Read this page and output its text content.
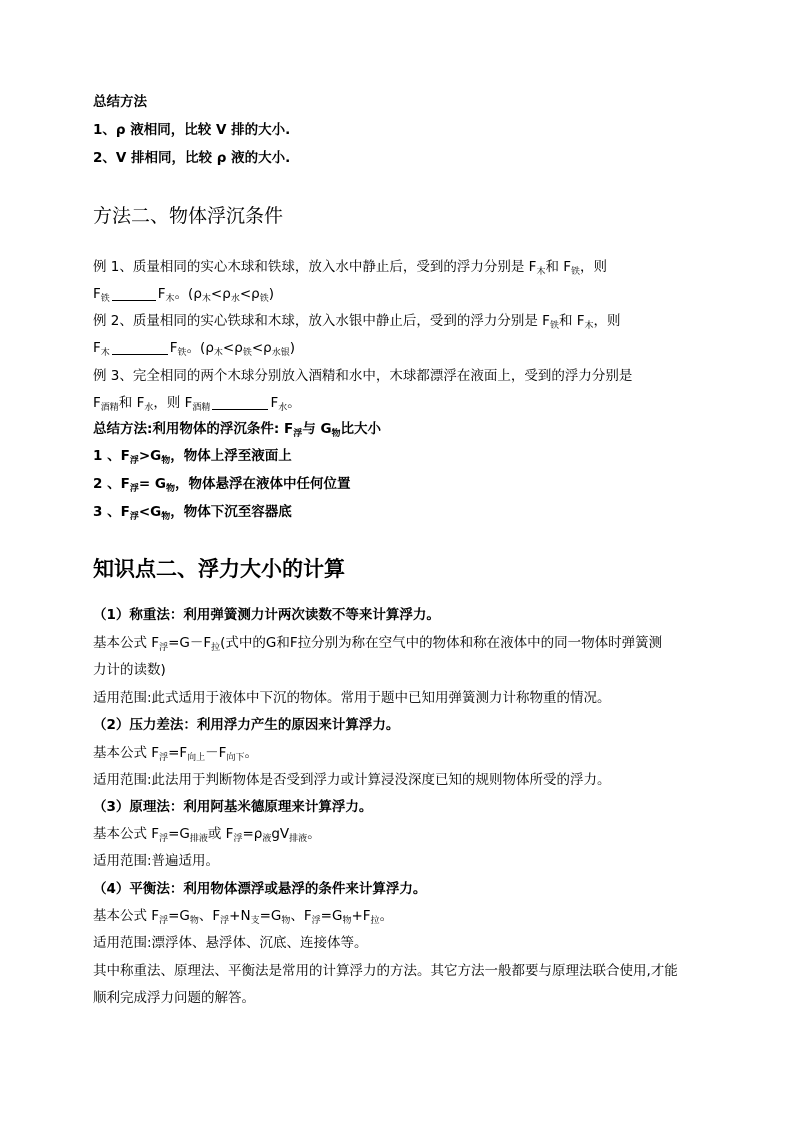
总结方法
1、ρ 液相同，比较 V 排的大小.
2、V 排相同，比较 ρ 液的大小.
方法二、物体浮沉条件
例 1、质量相同的实心木球和铁球，放入水中静止后，受到的浮力分别是 $F_木$和 $F_铁$，则
$F_铁$	$F_木$。$(\rho_木<\rho_水<\rho_铁)$
例 2、质量相同的实心铁球和木球，放入水银中静止后，受到的浮力分别是 $F_铁$和 $F_木$，则
$F_木$	$F_铁$。$(\rho_木<\rho_铁<\rho_{水银})$
例 3、完全相同的两个木球分别放入酒精和水中，木球都漂浮在液面上，受到的浮力分别是
$F_{酒精}$和 $F_水$，则 $F_{酒精}$	$F_水$。
总结方法:利用物体的浮沉条件: $F_浮$与 $G_物$比大小
1 、$F_浮>G_物$，物体上浮至液面上
2 、$F_浮= G_物$，物体悬浮在液体中任何位置
3 、$F_浮<G_物$，物体下沉至容器底
知识点二、浮力大小的计算
（1）称重法：利用弹簧测力计两次读数不等来计算浮力。
基本公式 $F_浮=G-F_拉$(式中的G和F拉分别为称在空气中的物体和称在液体中的同一物体时弹簧测
力计的读数)
适用范围:此式适用于液体中下沉的物体。常用于题中已知用弹簧测力计称物重的情况。
（2）压力差法：利用浮力产生的原因来计算浮力。
基本公式 $F_浮=F_{向上}-F_{向下}$。
适用范围:此法用于判断物体是否受到浮力或计算浸没深度已知的规则物体所受的浮力。
（3）原理法：利用阿基米德原理来计算浮力。
基本公式 $F_浮=G_{排液}$或 $F_浮=\rho_液gV_{排液}$。
适用范围:普遍适用。
（4）平衡法：利用物体漂浮或悬浮的条件来计算浮力。
基本公式 $F_浮=G_物$、$F_浮+N_支=G_物$、$F_浮=G_物+F_拉$。
适用范围:漂浮体、悬浮体、沉底、连接体等。
其中称重法、原理法、平衡法是常用的计算浮力的方法。其它方法一般都要与原理法联合使用,才能
顺利完成浮力问题的解答。
